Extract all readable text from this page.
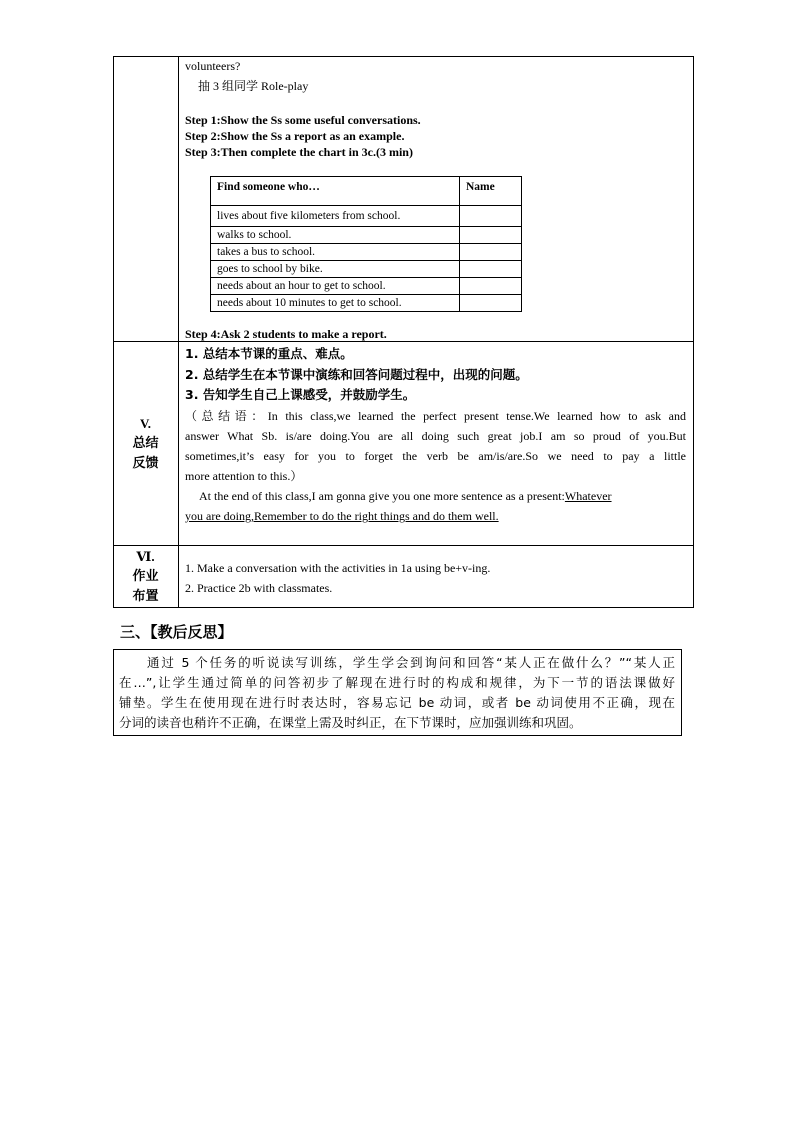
volunteers?
抽 3 组同学 Role-play
Step 1:Show the Ss some useful conversations.
Step 2:Show the Ss a report as an example.
Step 3:Then complete the chart in 3c.(3 min)
Find someone who…	Name
lives about five kilometers from school.	
walks to school.	
takes a bus to school.	
goes to school by bike.	
needs about an hour to get to school.	
needs about 10 minutes to get to school.	
Step 4:Ask 2 students to make a report.
V.
总结
反馈
1. 总结本节课的重点、难点。
2. 总结学生在本节课中演练和回答问题过程中，出现的问题。
3. 告知学生自己上课感受，并鼓励学生。
（总结语：In this class,we learned the perfect present tense.We learned how to ask and
answer What Sb. is/are doing.You are all doing such great job.I am so proud of you.But
sometimes,it’s easy for you to forget the verb be am/is/are.So we need to pay a little
more attention to this.）
At the end of this class,I am gonna give you one more sentence as a present:Whatever
you are doing,Remember to do the right things and do them well.
Ⅵ.
作业
布置
1. Make a conversation with the activities in 1a using be+v-ing.
2. Practice 2b with classmates.
三、【教后反思】
通过 5 个任务的听说读写训练，学生学会到询问和回答“某人正在做什么？”“某人正
在…”,让学生通过简单的问答初步了解现在进行时的构成和规律，为下一节的语法课做好
铺垫。学生在使用现在进行时表达时，容易忘记 be 动词，或者 be 动词使用不正确，现在
分词的读音也稍许不正确，在课堂上需及时纠正，在下节课时，应加强训练和巩固。
